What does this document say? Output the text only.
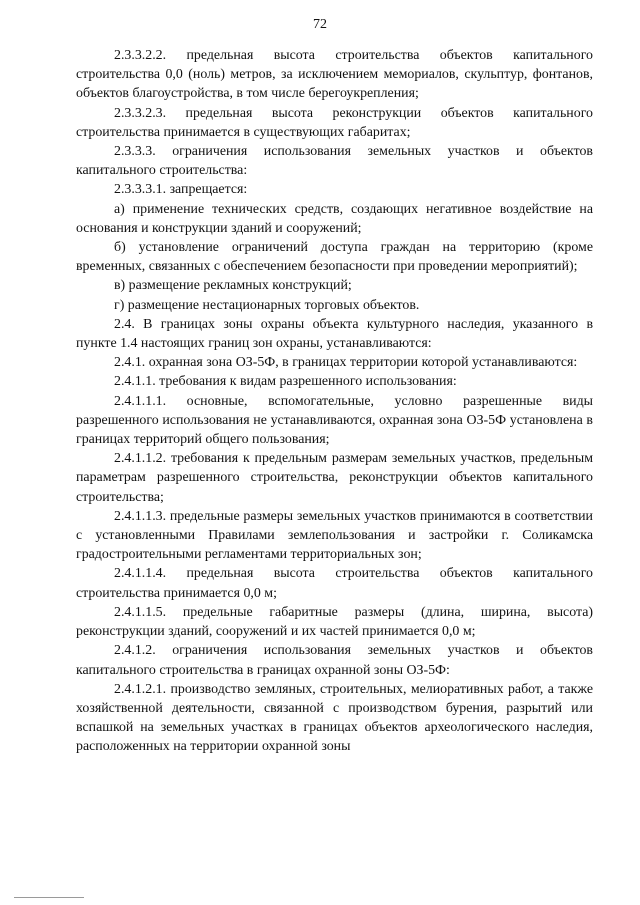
72

2.3.3.2.2. предельная высота строительства объектов капитального строительства 0,0 (ноль) метров, за исключением мемориалов, скульптур, фонтанов, объектов благоустройства, в том числе берегоукрепления;

2.3.3.2.3. предельная высота реконструкции объектов капитального строительства принимается в существующих габаритах;

2.3.3.3. ограничения использования земельных участков и объектов капитального строительства:

2.3.3.3.1. запрещается:

а) применение технических средств, создающих негативное воздействие на основания и конструкции зданий и сооружений;

б) установление ограничений доступа граждан на территорию (кроме временных, связанных с обеспечением безопасности при проведении мероприятий);

в) размещение рекламных конструкций;

г) размещение нестационарных торговых объектов.

2.4. В границах зоны охраны объекта культурного наследия, указанного в пункте 1.4 настоящих границ зон охраны, устанавливаются:

2.4.1. охранная зона ОЗ-5Ф, в границах территории которой устанавливаются:

2.4.1.1. требования к видам разрешенного использования:

2.4.1.1.1. основные, вспомогательные, условно разрешенные виды разрешенного использования не устанавливаются, охранная зона ОЗ-5Ф установлена в границах территорий общего пользования;

2.4.1.1.2. требования к предельным размерам земельных участков, предельным параметрам разрешенного строительства, реконструкции объектов капитального строительства;

2.4.1.1.3. предельные размеры земельных участков принимаются в соответствии с установленными Правилами землепользования и застройки г. Соликамска градостроительными регламентами территориальных зон;

2.4.1.1.4. предельная высота строительства объектов капитального строительства принимается 0,0 м;

2.4.1.1.5. предельные габаритные размеры (длина, ширина, высота) реконструкции зданий, сооружений и их частей принимается 0,0 м;

2.4.1.2. ограничения использования земельных участков и объектов капитального строительства в границах охранной зоны ОЗ-5Ф:

2.4.1.2.1. производство земляных, строительных, мелиоративных работ, а также хозяйственной деятельности, связанной с производством бурения, разрытий или вспашкой на земельных участках в границах объектов археологического наследия, расположенных на территории охранной зоны
